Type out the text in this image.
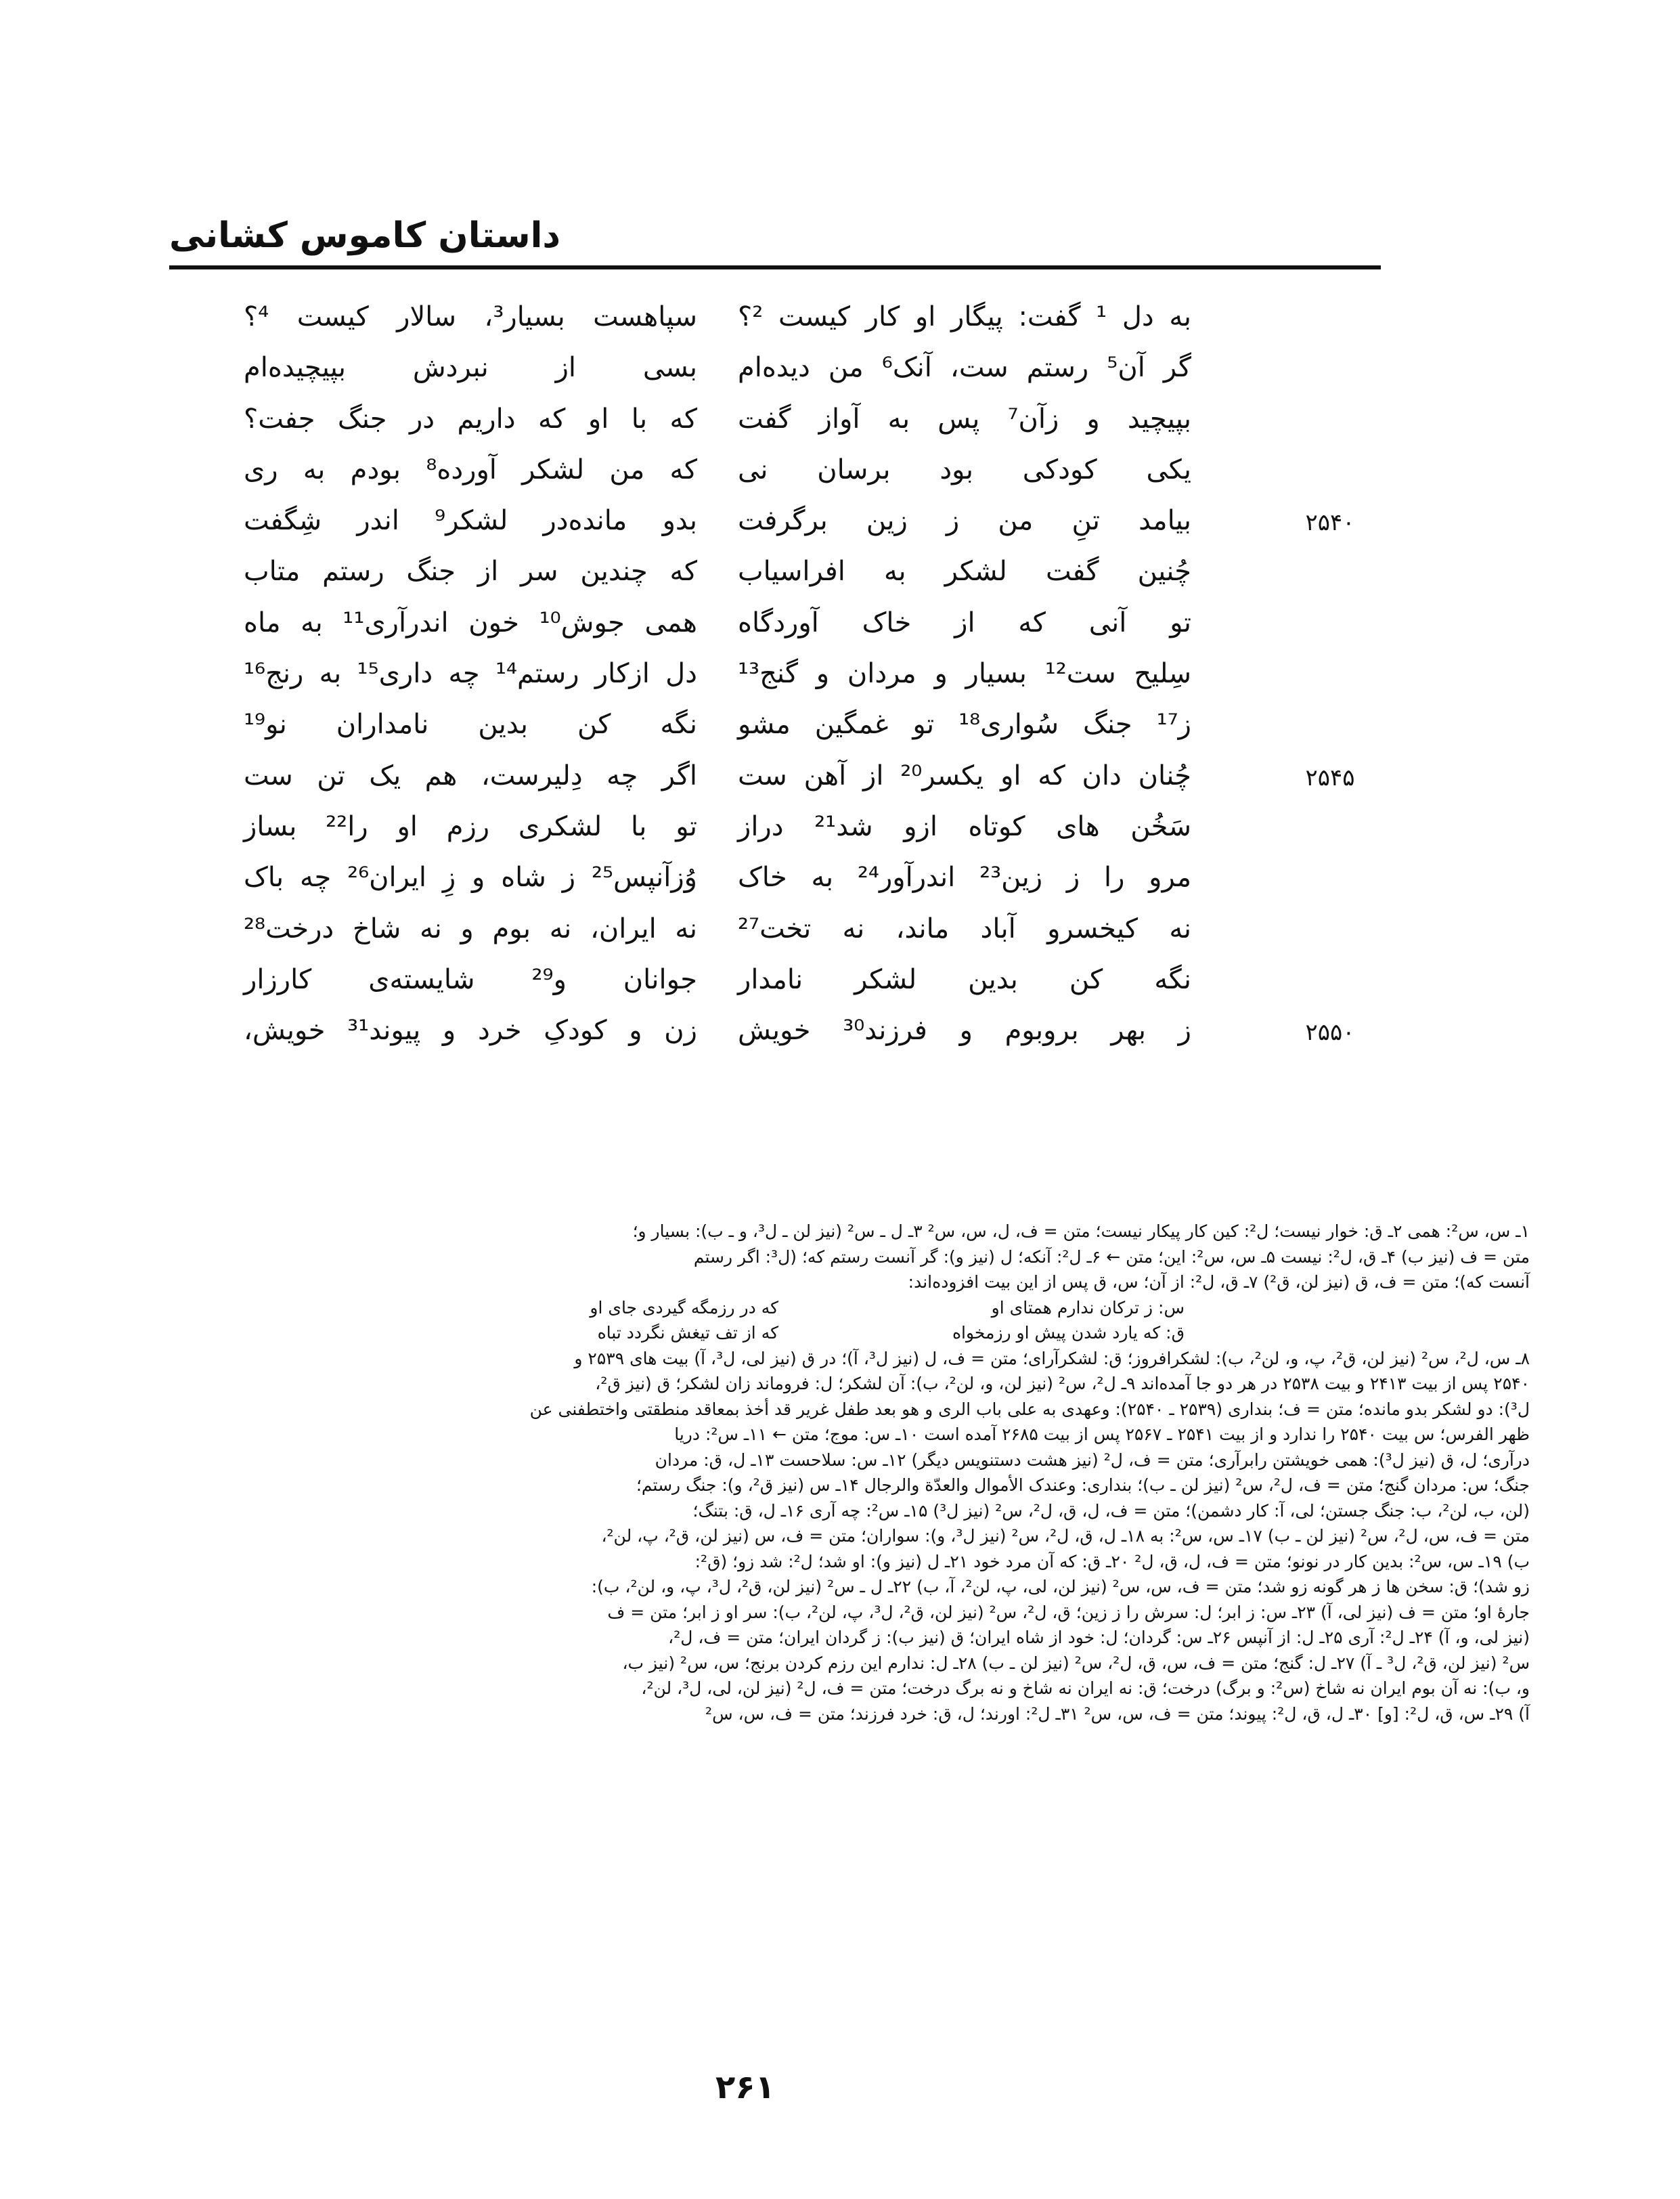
داستان کاموس کشانی
به دل ¹ گفت: پیگار او کار کیست ²؟
سپاهست بسیار³، سالار کیست ⁴؟
گر آن⁵ رستم ست، آنک⁶ من دیده‌ام
بسی از نبردش بپیچیده‌ام
بپیچید و زآن⁷ پس به آواز گفت
که با او که داریم در جنگ جفت؟
یکی کودکی بود برسان نی
که من لشکر آورده⁸ بودم به ری
۲۵۴۰
بیامد تنِ من ز زین برگرفت
بدو مانده‌در لشکر⁹ اندر شِگفت
چُنین گفت لشکر به افراسیاب
که چندین سر از جنگ رستم متاب
تو آنی که از خاک آوردگاه
همی جوش¹⁰ خون اندرآری¹¹ به ماه
سِلیح ست¹² بسیار و مردان و گنج¹³
دل ازکار رستم¹⁴ چه داری¹⁵ به رنج¹⁶
ز¹⁷ جنگ سُواری¹⁸ تو غمگین مشو
نگه کن بدین نامداران نو¹⁹
۲۵۴۵
چُنان دان که او یکسر²⁰ از آهن ست
اگر چه دِلیرست، هم یک تن ست
سَخُن های کوتاه ازو شد²¹ دراز
تو با لشکری رزم او را²² بساز
مرو را ز زین²³ اندرآور²⁴ به خاک
وُزآنپس²⁵ ز شاه و زِ ایران²⁶ چه باک
نه کیخسرو آباد ماند، نه تخت²⁷
نه ایران، نه بوم و نه شاخ درخت²⁸
نگه کن بدین لشکر نامدار
جوانان و²⁹ شایسته‌ی کارزار
۲۵۵۰
ز بهر بروبوم و فرزند³⁰ خویش
زن و کودکِ خرد و پیوند³¹ خویش،
۱ـ س، س²: همی ۲ـ ق: خوار نیست؛ ل²: کین کار پیکار نیست؛ متن = ف، ل، س، س² ۳ـ ل ـ س² (نیز لن ـ ل³، و ـ ب): بسیار و؛
متن = ف (نیز ب) ۴ـ ق، ل²: نیست ۵ـ س، س²: این؛ متن ← ۶ـ ل²: آنکه؛ ل (نیز و): گر آنست رستم که؛ (ل³: اگر رستم
آنست که)؛ متن = ف، ق (نیز لن، ق²) ۷ـ ق، ل²: از آن؛ س، ق پس از این بیت افزوده‌اند:
س: ز ترکان ندارم همتای او
که در رزمگه گیردی جای او
ق: که یارد شدن پیش او رزمخواه
که از تف تیغش نگردد تباه
۸ـ س، ل²، س² (نیز لن، ق²، پ، و، لن²، ب): لشکرافروز؛ ق: لشکرآرای؛ متن = ف، ل (نیز ل³، آ)؛ در ق (نیز لی، ل³، آ) بیت های ۲۵۳۹ و
۲۵۴۰ پس از بیت ۲۴۱۳ و بیت ۲۵۳۸ در هر دو جا آمده‌اند ۹ـ ل²، س² (نیز لن، و، لن²، ب): آن لشکر؛ ل: فروماند زان لشکر؛ ق (نیز ق²،
ل³): دو لشکر بدو مانده؛ متن = ف؛ بنداری (۲۵۳۹ ـ ۲۵۴۰): وعهدی به علی باب الری و هو بعد طفل غریر قد أخذ بمعاقد منطقتی واختطفنی عن
ظهر الفرس؛ س بیت ۲۵۴۰ را ندارد و از بیت ۲۵۴۱ ـ ۲۵۶۷ پس از بیت ۲۶۸۵ آمده است ۱۰ـ س: موج؛ متن ← ۱۱ـ س²: دریا
درآری؛ ل، ق (نیز ل³): همی خویشتن رابرآری؛ متن = ف، ل² (نیز هشت دستنویس دیگر) ۱۲ـ س: سلاحست ۱۳ـ ل، ق: مردان
جنگ؛ س: مردان گنج؛ متن = ف، ل²، س² (نیز لن ـ ب)؛ بنداری: وعندک الأموال والعدّة والرجال ۱۴ـ س (نیز ق²، و): جنگ رستم؛
(لن، ب، لن²، ب: جنگ جستن؛ لی، آ: کار دشمن)؛ متن = ف، ل، ق، ل²، س² (نیز ل³) ۱۵ـ س²: چه آری ۱۶ـ ل، ق: بتنگ؛
متن = ف، س، ل²، س² (نیز لن ـ ب) ۱۷ـ س، س²: به ۱۸ـ ل، ق، ل²، س² (نیز ل³، و): سواران؛ متن = ف، س (نیز لن، ق²، پ، لن²،
ب) ۱۹ـ س، س²: بدین کار در نونو؛ متن = ف، ل، ق، ل² ۲۰ـ ق: که آن مرد خود ۲۱ـ ل (نیز و): او شد؛ ل²: شد زو؛ (ق²:
زو شد)؛ ق: سخن ها ز هر گونه زو شد؛ متن = ف، س، س² (نیز لن، لی، پ، لن²، آ، ب) ۲۲ـ ل ـ س² (نیز لن، ق²، ل³، پ، و، لن²، ب):
جارهٔ او؛ متن = ف (نیز لی، آ) ۲۳ـ س: ز ابر؛ ل: سرش را ز زین؛ ق، ل²، س² (نیز لن، ق²، ل³، پ، لن²، ب): سر او ز ابر؛ متن = ف
(نیز لی، و، آ) ۲۴ـ ل²: آری ۲۵ـ ل: از آنپس ۲۶ـ س: گردان؛ ل: خود از شاه ایران؛ ق (نیز ب): ز گردان ایران؛ متن = ف، ل²،
س² (نیز لن، ق²، ل³ ـ آ) ۲۷ـ ل: گنج؛ متن = ف، س، ق، ل²، س² (نیز لن ـ ب) ۲۸ـ ل: ندارم این رزم کردن برنج؛ س، س² (نیز ب،
و، ب): نه آن بوم ایران نه شاخ (س²: و برگ) درخت؛ ق: نه ایران نه شاخ و نه برگ درخت؛ متن = ف، ل² (نیز لن، لی، ل³، لن²،
آ) ۲۹ـ س، ق، ل²: [و] ۳۰ـ ل، ق، ل²: پیوند؛ متن = ف، س، س² ۳۱ـ ل²: اورند؛ ل، ق: خرد فرزند؛ متن = ف، س، س²
۲۶۱
